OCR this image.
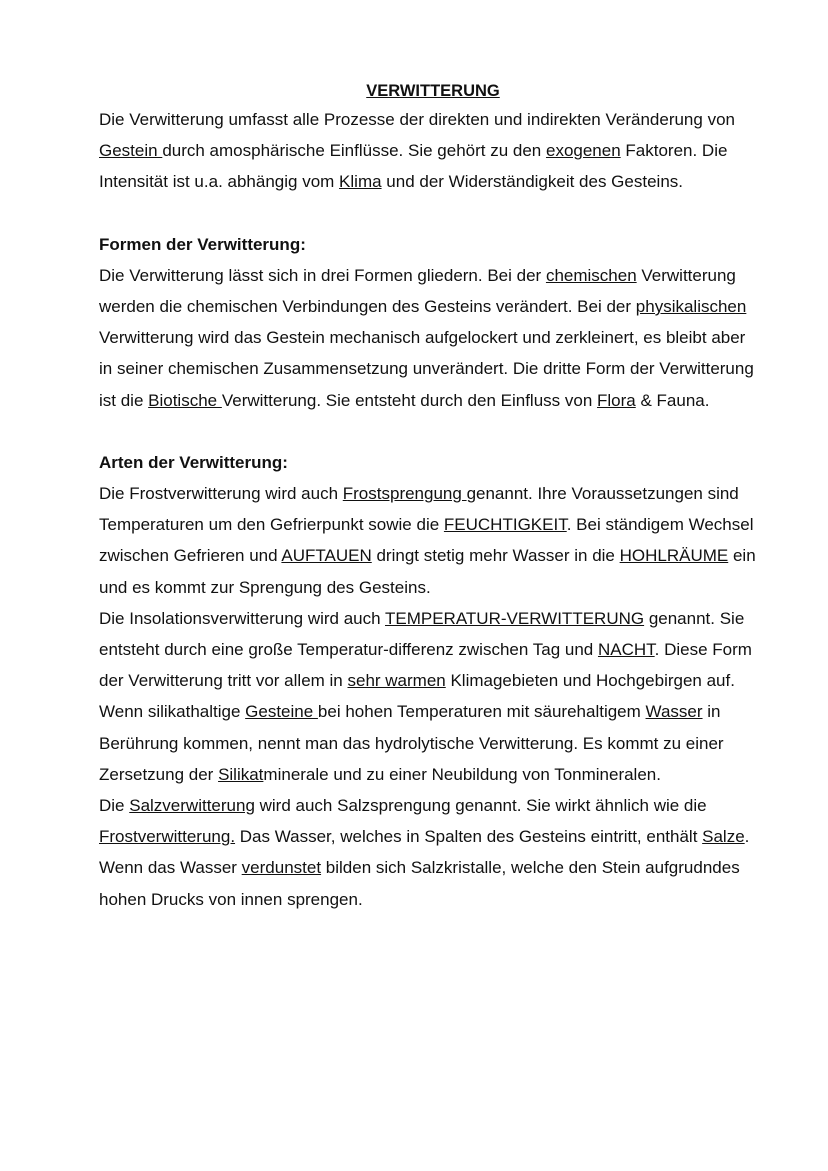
VERWITTERUNG

Die Verwitterung umfasst alle Prozesse der direkten und indirekten Veränderung von Gestein durch amosphärische Einflüsse. Sie gehört zu den exogenen Faktoren. Die Intensität ist u.a. abhängig vom Klima und der Widerständigkeit des Gesteins.

Formen der Verwitterung:

Die Verwitterung lässt sich in drei Formen gliedern. Bei der chemischen Verwitterung werden die chemischen Verbindungen des Gesteins verändert. Bei der physikalischen Verwitterung wird das Gestein mechanisch aufgelockert und zerkleinert, es bleibt aber in seiner chemischen Zusammensetzung unverändert. Die dritte Form der Verwitterung ist die Biotische Verwitterung. Sie entsteht durch den Einfluss von Flora & Fauna.

Arten der Verwitterung:

Die Frostverwitterung wird auch Frostsprengung genannt. Ihre Voraussetzungen sind Temperaturen um den Gefrierpunkt sowie die FEUCHTIGKEIT. Bei ständigem Wechsel zwischen Gefrieren und AUFTAUEN dringt stetig mehr Wasser in die HOHLRÄUME ein und es kommt zur Sprengung des Gesteins.

Die Insolationsverwitterung wird auch TEMPERATUR-VERWITTERUNG genannt. Sie entsteht durch eine große Temperatur-differenz zwischen Tag und NACHT. Diese Form der Verwitterung tritt vor allem in sehr warmen Klimagebieten und Hochgebirgen auf.

Wenn silikathaltige Gesteine bei hohen Temperaturen mit säurehaltigem Wasser in Berührung kommen, nennt man das hydrolytische Verwitterung. Es kommt zu einer Zersetzung der Silikatminerale und zu einer Neubildung von Tonmineralen.

Die Salzverwitterung wird auch Salzsprengung genannt. Sie wirkt ähnlich wie die Frostverwitterung. Das Wasser, welches in Spalten des Gesteins eintritt, enthält Salze. Wenn das Wasser verdunstet bilden sich Salzkristalle, welche den Stein aufgrudndes hohen Drucks von innen sprengen.
